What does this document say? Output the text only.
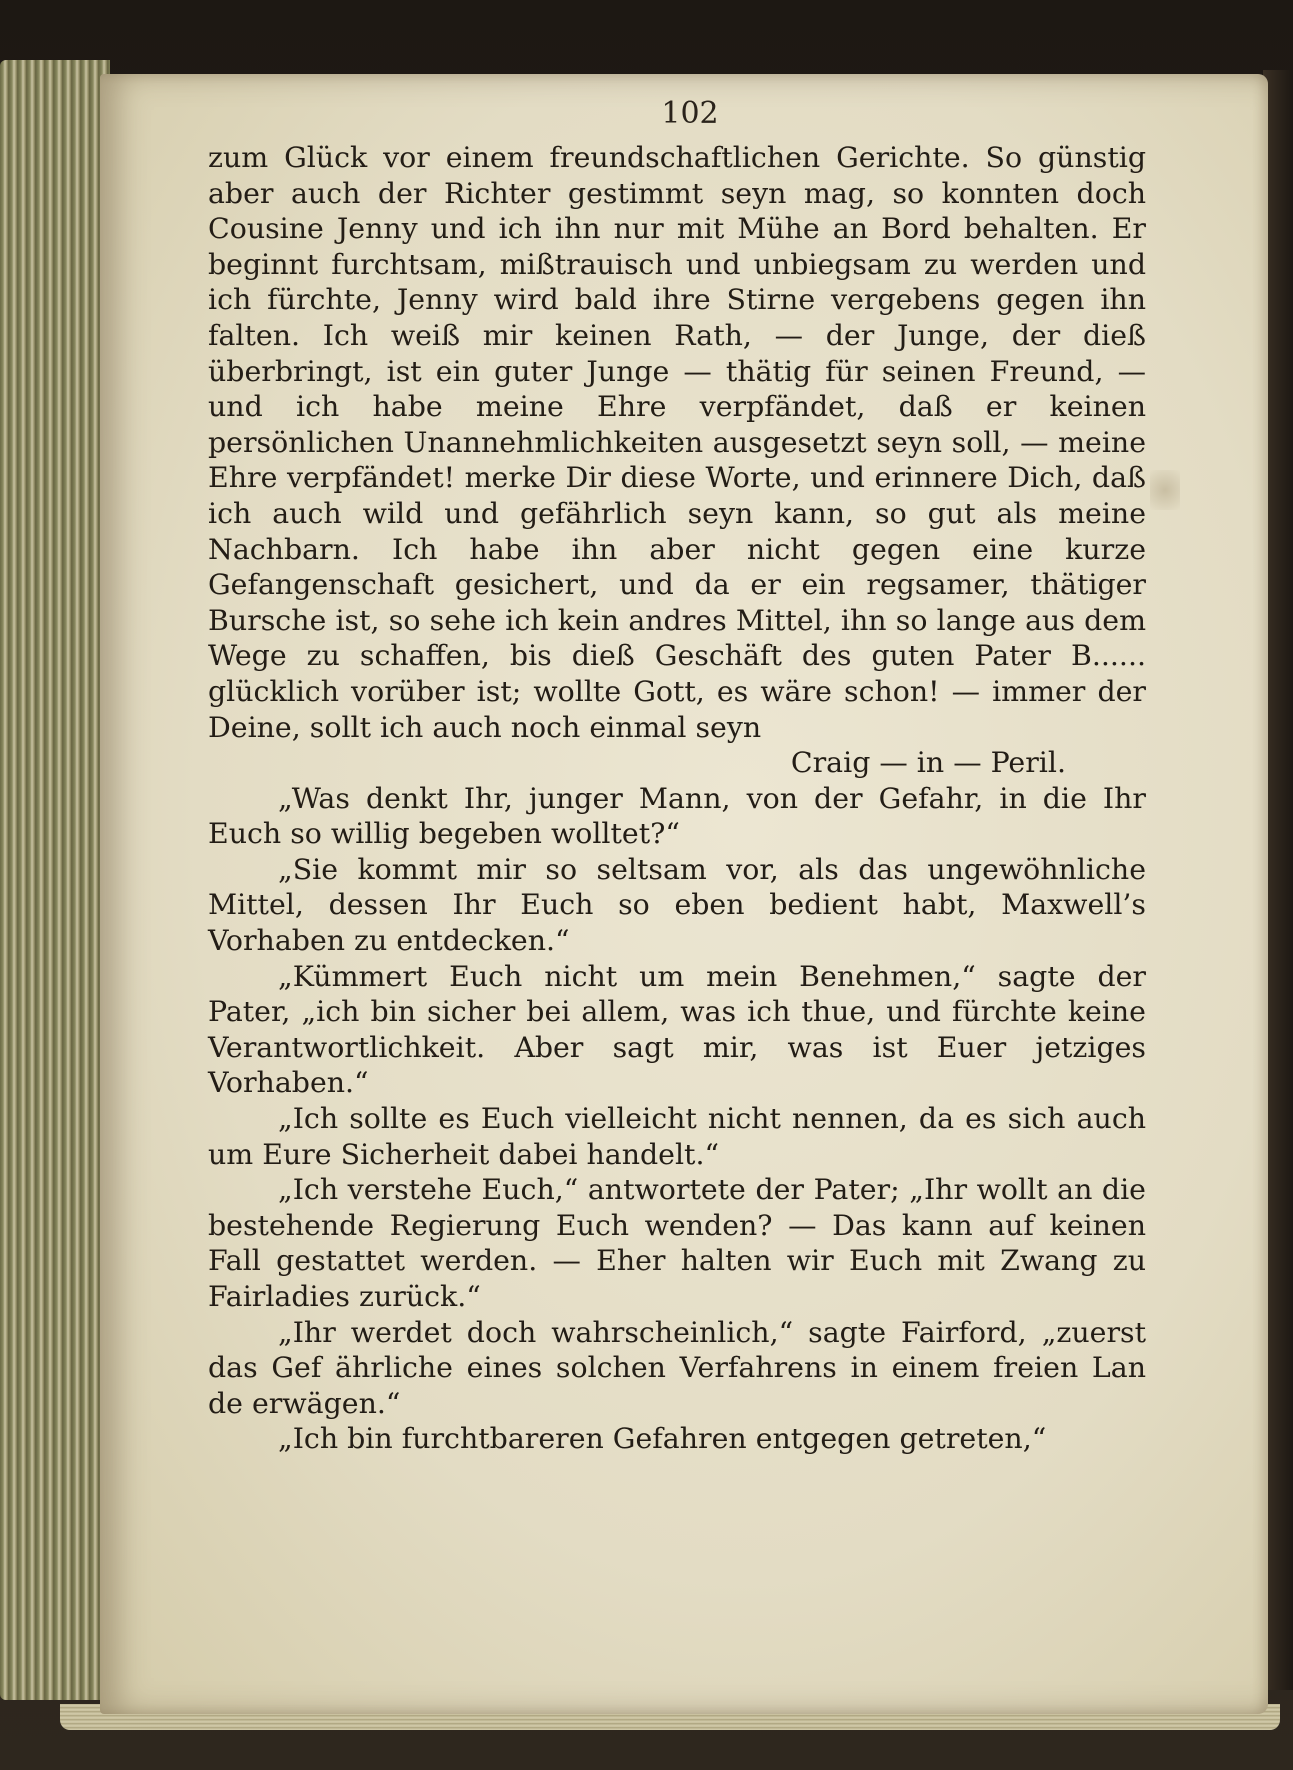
102

zum Glück vor einem freundschaftlichen Gerichte. So günstig aber auch der Richter gestimmt seyn mag, so konnten doch Cousine Jenny und ich ihn nur mit Mühe an Bord behalten. Er beginnt furchtsam, mißtrauisch und unbiegsam zu werden und ich fürchte, Jenny wird bald ihre Stirne vergebens gegen ihn falten. Ich weiß mir keinen Rath, — der Junge, der dieß überbringt, ist ein guter Junge — thätig für seinen Freund, — und ich habe meine Ehre verpfändet, daß er keinen persönlichen Unannehmlichkeiten ausgesetzt seyn soll, — meine Ehre verpfändet! merke Dir diese Worte, und erinnere Dich, daß ich auch wild und gefährlich seyn kann, so gut als meine Nachbarn. Ich habe ihn aber nicht gegen eine kurze Gefangenschaft gesichert, und da er ein regsamer, thätiger Bursche ist, so sehe ich kein andres Mittel, ihn so lange aus dem Wege zu schaffen, bis dieß Geschäft des guten Pater B...... glücklich vorüber ist; wollte Gott, es wäre schon! — immer der Deine, sollt ich auch noch einmal seyn

Craig — in — Peril.

„Was denkt Ihr, junger Mann, von der Gefahr, in die Ihr Euch so willig begeben wolltet?“

„Sie kommt mir so seltsam vor, als das ungewöhnliche Mittel, dessen Ihr Euch so eben bedient habt, Maxwell’s Vorhaben zu entdecken.“

„Kümmert Euch nicht um mein Benehmen,“ sagte der Pater, „ich bin sicher bei allem, was ich thue, und fürchte keine Verantwortlichkeit. Aber sagt mir, was ist Euer jetziges Vorhaben.“

„Ich sollte es Euch vielleicht nicht nennen, da es sich auch um Eure Sicherheit dabei handelt.“

„Ich verstehe Euch,“ antwortete der Pater; „Ihr wollt an die bestehende Regierung Euch wenden? — Das kann auf keinen Fall gestattet werden. — Eher halten wir Euch mit Zwang zu Fairladies zurück.“

„Ihr werdet doch wahrscheinlich,“ sagte Fairford, „zuerst das Gef ährliche eines solchen Verfahrens in einem freien Lan de erwägen.“

„Ich bin furchtbareren Gefahren entgegen getreten,“
